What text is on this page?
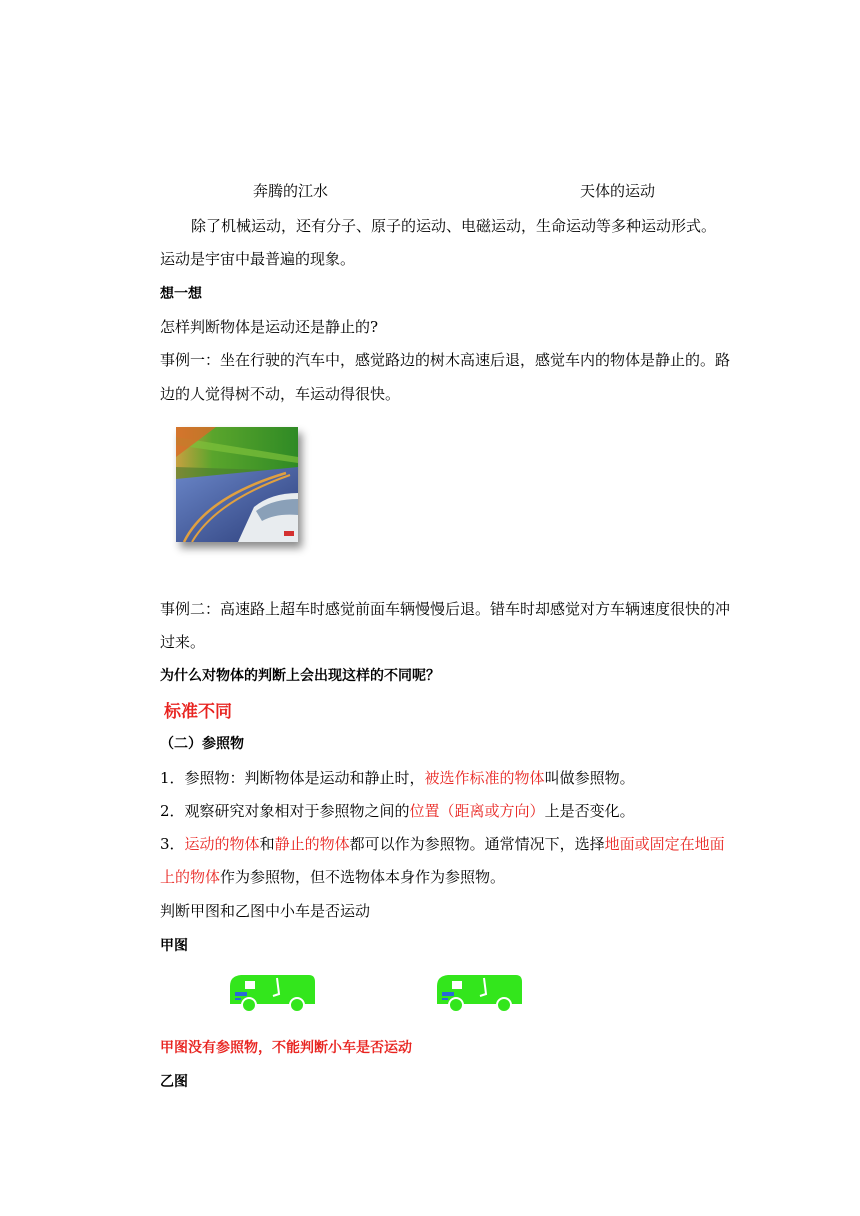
奔腾的江水	天体的运动
除了机械运动，还有分子、原子的运动、电磁运动，生命运动等多种运动形式。
运动是宇宙中最普遍的现象。
想一想
怎样判断物体是运动还是静止的?
事例一：坐在行驶的汽车中，感觉路边的树木高速后退，感觉车内的物体是静止的。路
边的人觉得树不动，车运动得很快。
事例二：高速路上超车时感觉前面车辆慢慢后退。错车时却感觉对方车辆速度很快的冲
过来。
为什么对物体的判断上会出现这样的不同呢？
标准不同
（二）参照物
1．参照物：判断物体是运动和静止时，被选作标准的物体叫做参照物。
2．观察研究对象相对于参照物之间的位置（距离或方向）上是否变化。
3．运动的物体和静止的物体都可以作为参照物。通常情况下，选择地面或固定在地面
上的物体作为参照物，但不选物体本身作为参照物。
判断甲图和乙图中小车是否运动
甲图
甲图没有参照物，不能判断小车是否运动
乙图
